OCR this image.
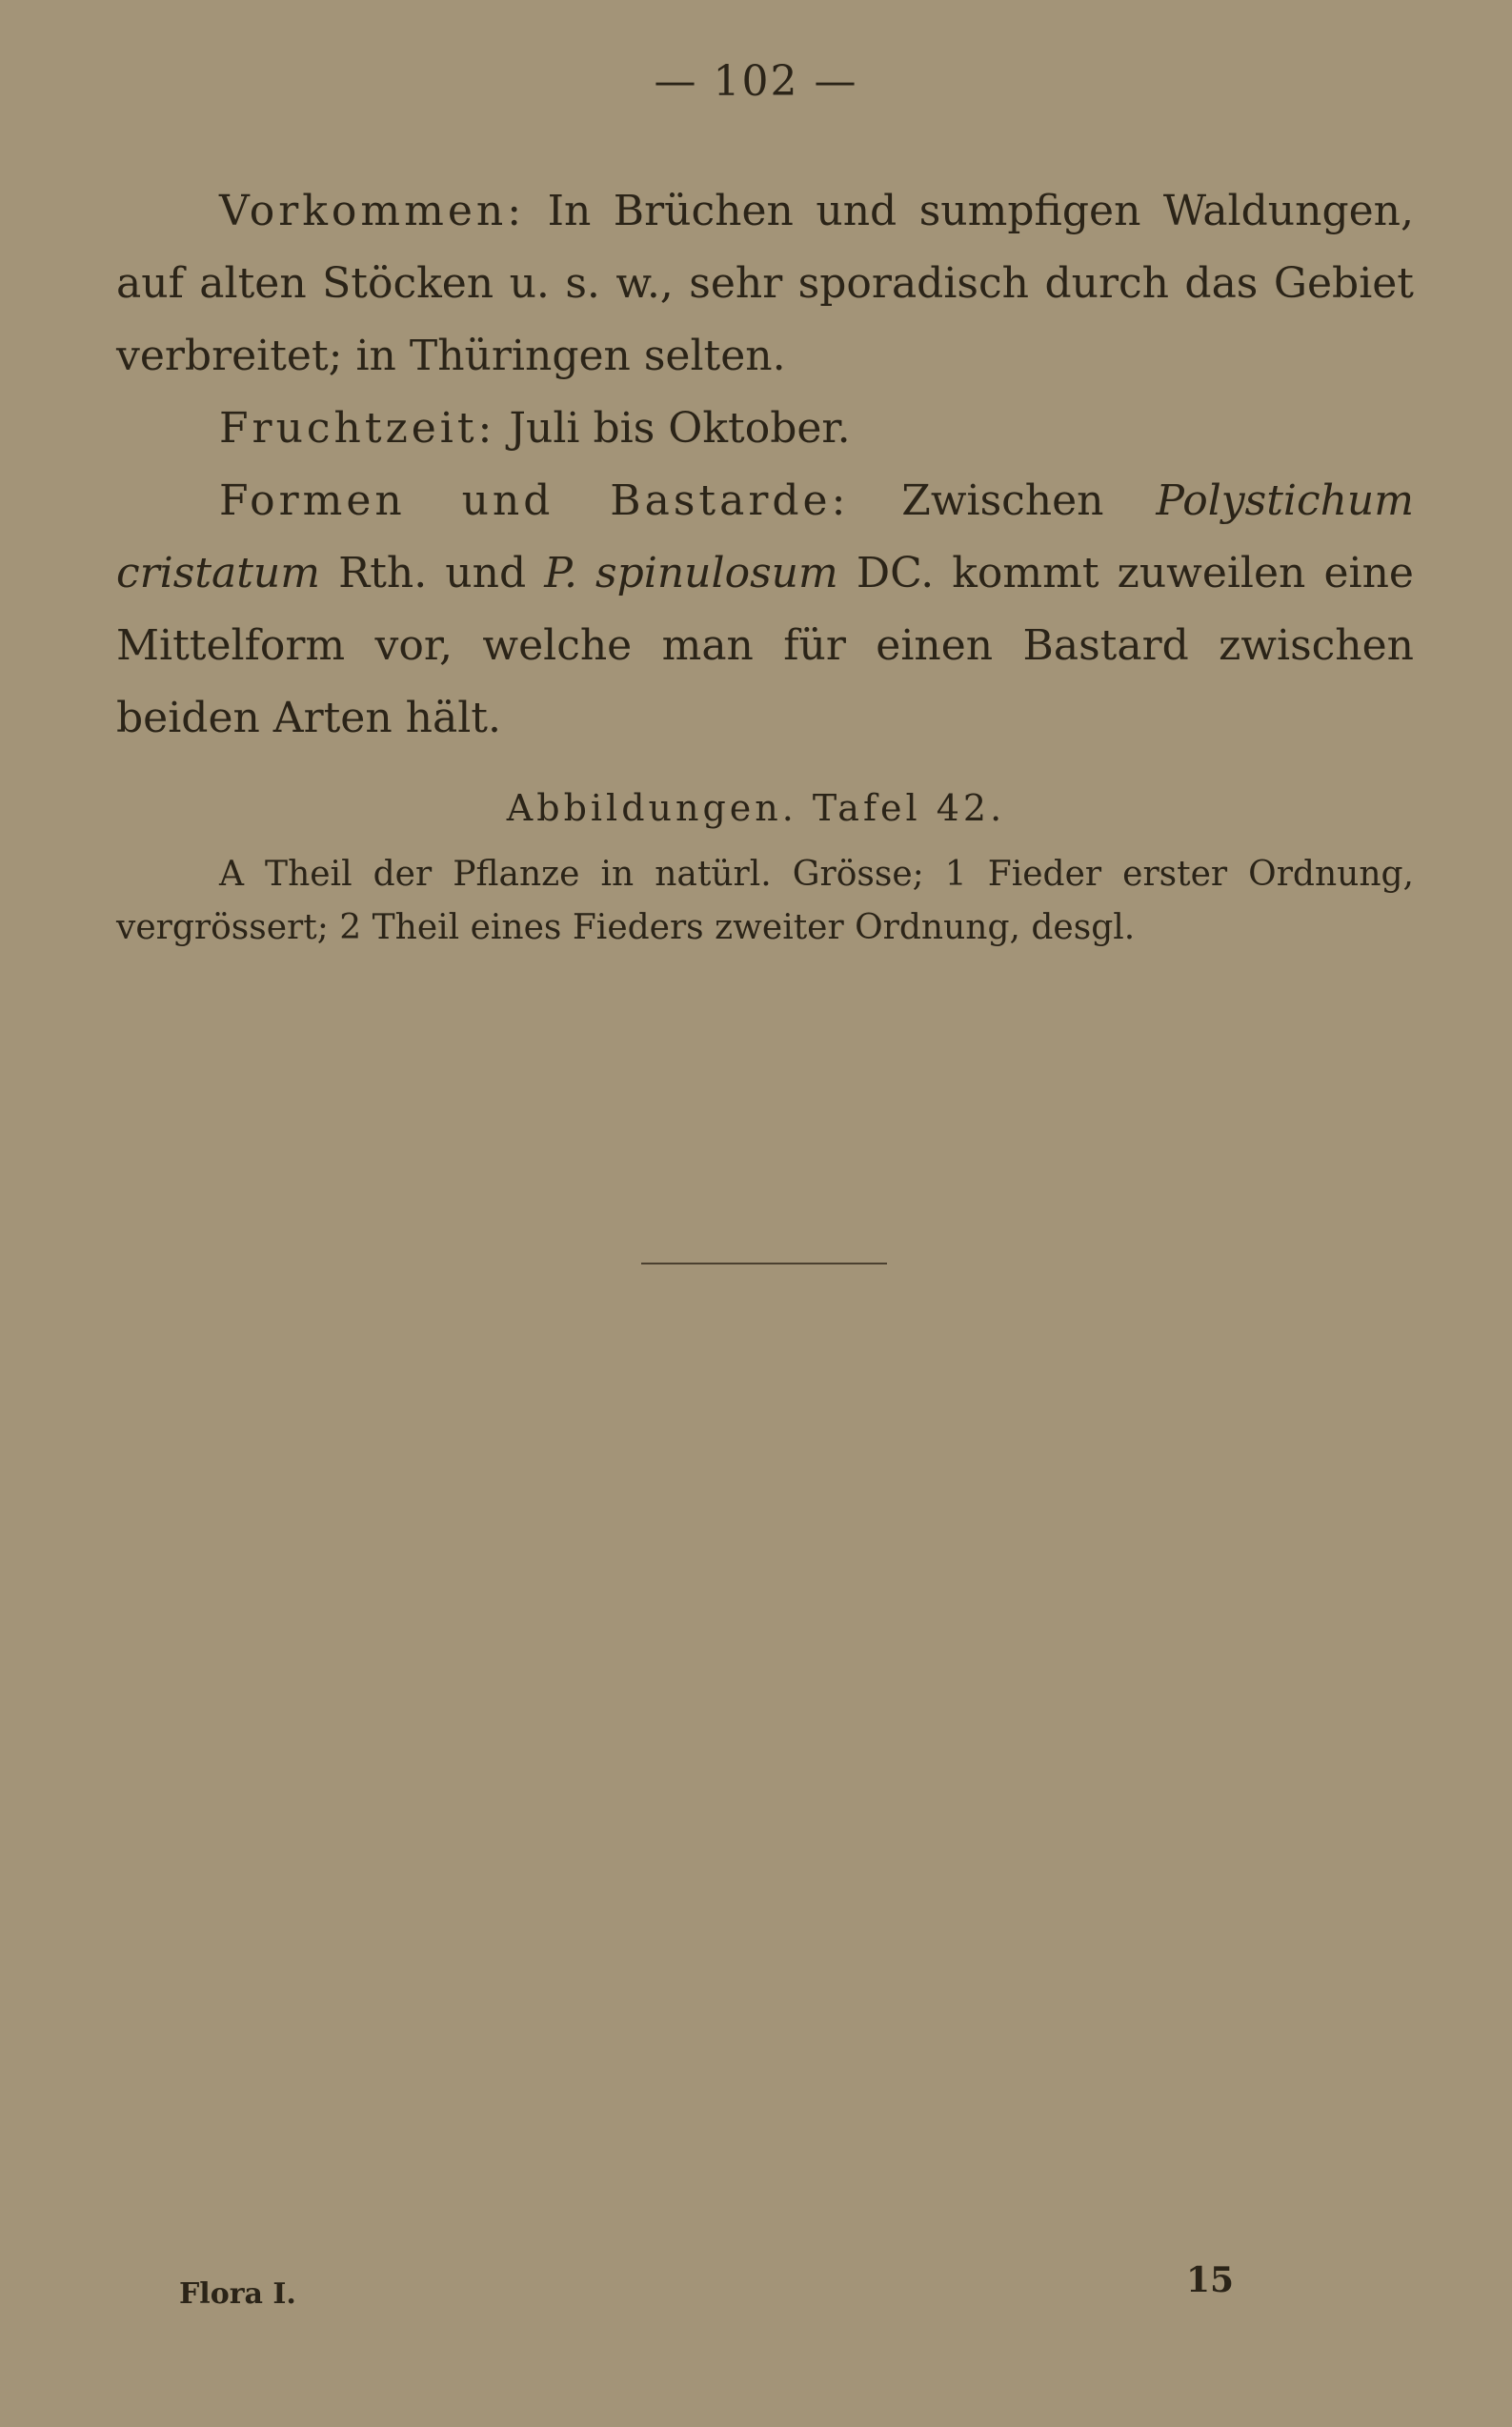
— 102 —

Vorkommen: In Brüchen und sumpfigen Waldungen, auf alten Stöcken u. s. w., sehr sporadisch durch das Gebiet verbreitet; in Thüringen selten.

Fruchtzeit: Juli bis Oktober.

Formen und Bastarde: Zwischen Polystichum cristatum Rth. und P. spinulosum DC. kommt zuweilen eine Mittelform vor, welche man für einen Bastard zwischen beiden Arten hält.

Abbildungen. Tafel 42.

A Theil der Pflanze in natürl. Grösse; 1 Fieder erster Ordnung, vergrössert; 2 Theil eines Fieders zweiter Ordnung, desgl.

Flora I.	15
